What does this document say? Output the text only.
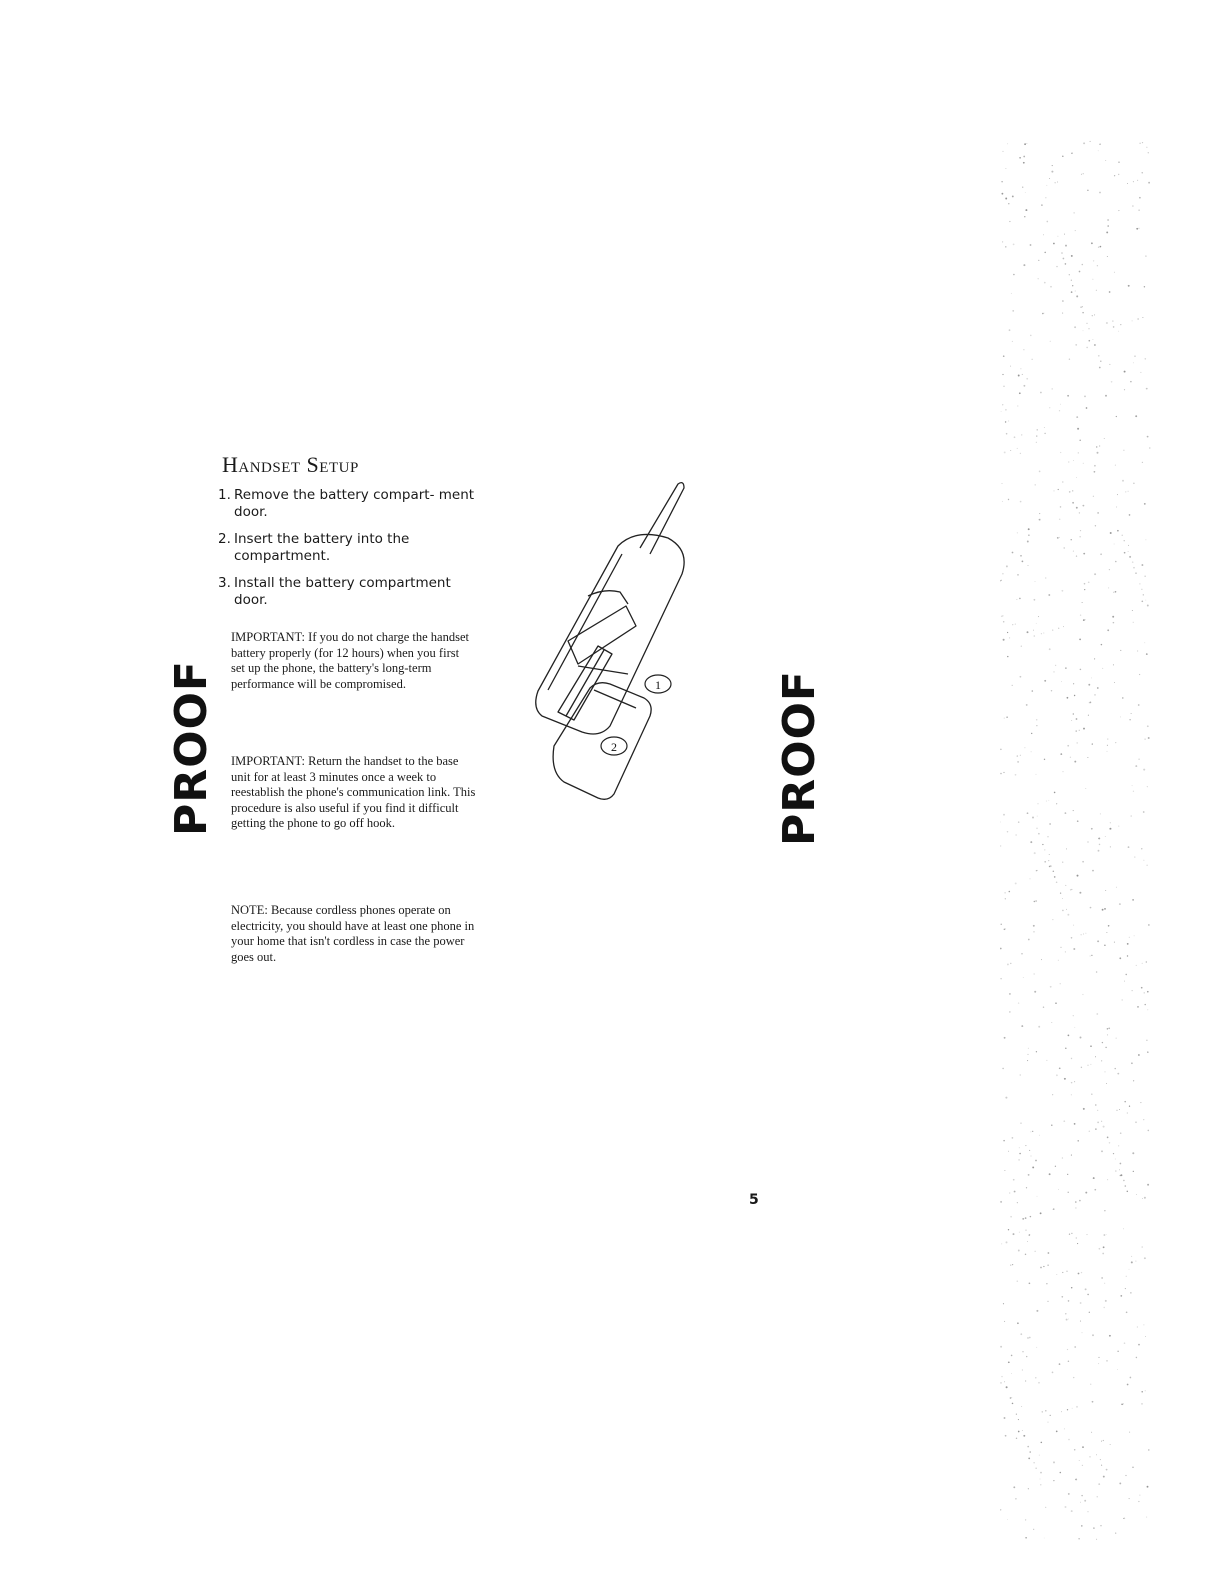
PROOF
Handset Setup
1. Remove the battery compart- ment door.
2. Insert the battery into the compartment.
3. Install the battery compartment door.

IMPORTANT: If you do not charge the handset battery properly (for 12 hours) when you first set up the phone, the battery's long-term performance will be compromised.

IMPORTANT: Return the handset to the base unit for at least 3 minutes once a week to reestablish the phone's communication link. This procedure is also useful if you find it difficult getting the phone to go off hook.

NOTE: Because cordless phones operate on electricity, you should have at least one phone in your home that isn't cordless in case the power goes out.

1
2	PROOF
5
